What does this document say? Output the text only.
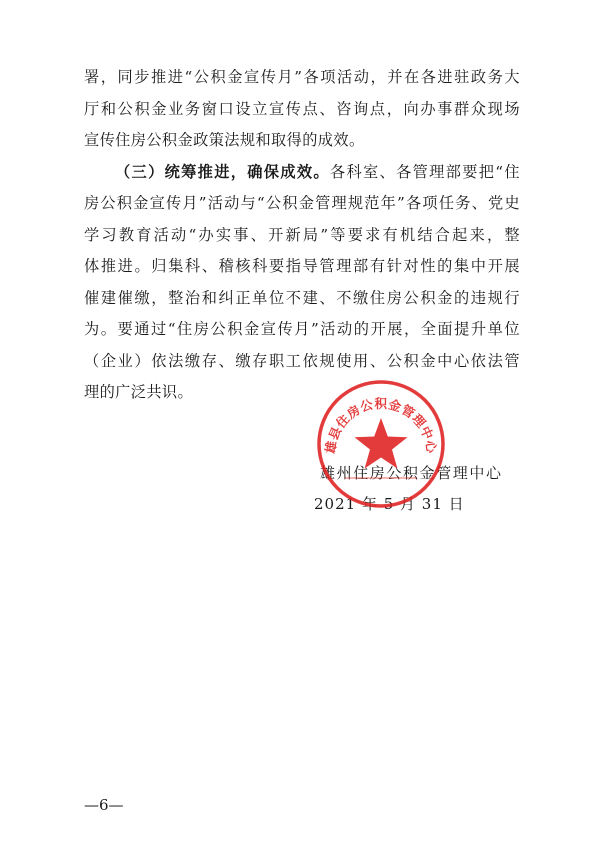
署，同步推进“公积金宣传月”各项活动，并在各进驻政务大
厅和公积金业务窗口设立宣传点、咨询点，向办事群众现场
宣传住房公积金政策法规和取得的成效。
（三）统筹推进，确保成效。各科室、各管理部要把“住
房公积金宣传月”活动与“公积金管理规范年”各项任务、党史
学习教育活动“办实事、开新局”等要求有机结合起来，整
体推进。归集科、稽核科要指导管理部有针对性的集中开展
催建催缴，整治和纠正单位不建、不缴住房公积金的违规行
为。要通过“住房公积金宣传月”活动的开展，全面提升单位
（企业）依法缴存、缴存职工依规使用、公积金中心依法管
理的广泛共识。
雄州住房公积金管理中心
2021 年 5 月 31 日
雄县住房公积金管理中心
—6—
